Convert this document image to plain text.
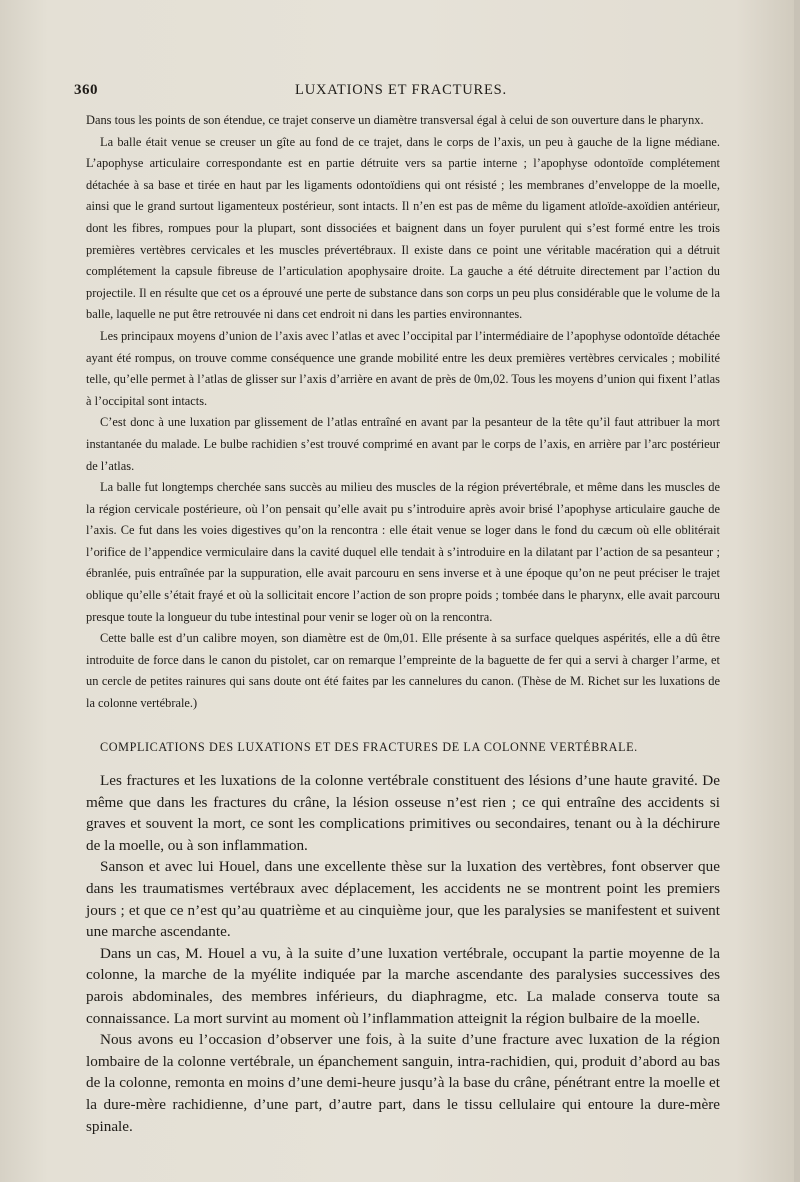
360	LUXATIONS ET FRACTURES.

Dans tous les points de son étendue, ce trajet conserve un diamètre transversal égal à celui de son ouverture dans le pharynx.

La balle était venue se creuser un gîte au fond de ce trajet, dans le corps de l’axis, un peu à gauche de la ligne médiane. L’apophyse articulaire correspondante est en partie détruite vers sa partie interne ; l’apophyse odontoïde complétement détachée à sa base et tirée en haut par les ligaments odontoïdiens qui ont résisté ; les membranes d’enveloppe de la moelle, ainsi que le grand surtout ligamenteux postérieur, sont intacts. Il n’en est pas de même du ligament atloïde-axoïdien antérieur, dont les fibres, rompues pour la plupart, sont dissociées et baignent dans un foyer purulent qui s’est formé entre les trois premières vertèbres cervicales et les muscles prévertébraux. Il existe dans ce point une véritable macération qui a détruit complétement la capsule fibreuse de l’articulation apophysaire droite. La gauche a été détruite directement par l’action du projectile. Il en résulte que cet os a éprouvé une perte de substance dans son corps un peu plus considérable que le volume de la balle, laquelle ne put être retrouvée ni dans cet endroit ni dans les parties environnantes.

Les principaux moyens d’union de l’axis avec l’atlas et avec l’occipital par l’intermédiaire de l’apophyse odontoïde détachée ayant été rompus, on trouve comme conséquence une grande mobilité entre les deux premières vertèbres cervicales ; mobilité telle, qu’elle permet à l’atlas de glisser sur l’axis d’arrière en avant de près de 0m,02. Tous les moyens d’union qui fixent l’atlas à l’occipital sont intacts.

C’est donc à une luxation par glissement de l’atlas entraîné en avant par la pesanteur de la tête qu’il faut attribuer la mort instantanée du malade. Le bulbe rachidien s’est trouvé comprimé en avant par le corps de l’axis, en arrière par l’arc postérieur de l’atlas.

La balle fut longtemps cherchée sans succès au milieu des muscles de la région prévertébrale, et même dans les muscles de la région cervicale postérieure, où l’on pensait qu’elle avait pu s’introduire après avoir brisé l’apophyse articulaire gauche de l’axis. Ce fut dans les voies digestives qu’on la rencontra : elle était venue se loger dans le fond du cæcum où elle oblitérait l’orifice de l’appendice vermiculaire dans la cavité duquel elle tendait à s’introduire en la dilatant par l’action de sa pesanteur ; ébranlée, puis entraînée par la suppuration, elle avait parcouru en sens inverse et à une époque qu’on ne peut préciser le trajet oblique qu’elle s’était frayé et où la sollicitait encore l’action de son propre poids ; tombée dans le pharynx, elle avait parcouru presque toute la longueur du tube intestinal pour venir se loger où on la rencontra.

Cette balle est d’un calibre moyen, son diamètre est de 0m,01. Elle présente à sa surface quelques aspérités, elle a dû être introduite de force dans le canon du pistolet, car on remarque l’empreinte de la baguette de fer qui a servi à charger l’arme, et un cercle de petites rainures qui sans doute ont été faites par les cannelures du canon. (Thèse de M. Richet sur les luxations de la colonne vertébrale.)

COMPLICATIONS DES LUXATIONS ET DES FRACTURES DE LA COLONNE VERTÉBRALE.

Les fractures et les luxations de la colonne vertébrale constituent des lésions d’une haute gravité. De même que dans les fractures du crâne, la lésion osseuse n’est rien ; ce qui entraîne des accidents si graves et souvent la mort, ce sont les complications primitives ou secondaires, tenant ou à la déchirure de la moelle, ou à son inflammation.

Sanson et avec lui Houel, dans une excellente thèse sur la luxation des vertèbres, font observer que dans les traumatismes vertébraux avec déplacement, les accidents ne se montrent point les premiers jours ; et que ce n’est qu’au quatrième et au cinquième jour, que les paralysies se manifestent et suivent une marche ascendante.

Dans un cas, M. Houel a vu, à la suite d’une luxation vertébrale, occupant la partie moyenne de la colonne, la marche de la myélite indiquée par la marche ascendante des paralysies successives des parois abdominales, des membres inférieurs, du diaphragme, etc. La malade conserva toute sa connaissance. La mort survint au moment où l’inflammation atteignit la région bulbaire de la moelle.

Nous avons eu l’occasion d’observer une fois, à la suite d’une fracture avec luxation de la région lombaire de la colonne vertébrale, un épanchement sanguin, intra-rachidien, qui, produit d’abord au bas de la colonne, remonta en moins d’une demi-heure jusqu’à la base du crâne, pénétrant entre la moelle et la dure-mère rachidienne, d’une part, d’autre part, dans le tissu cellulaire qui entoure la dure-mère spinale.
